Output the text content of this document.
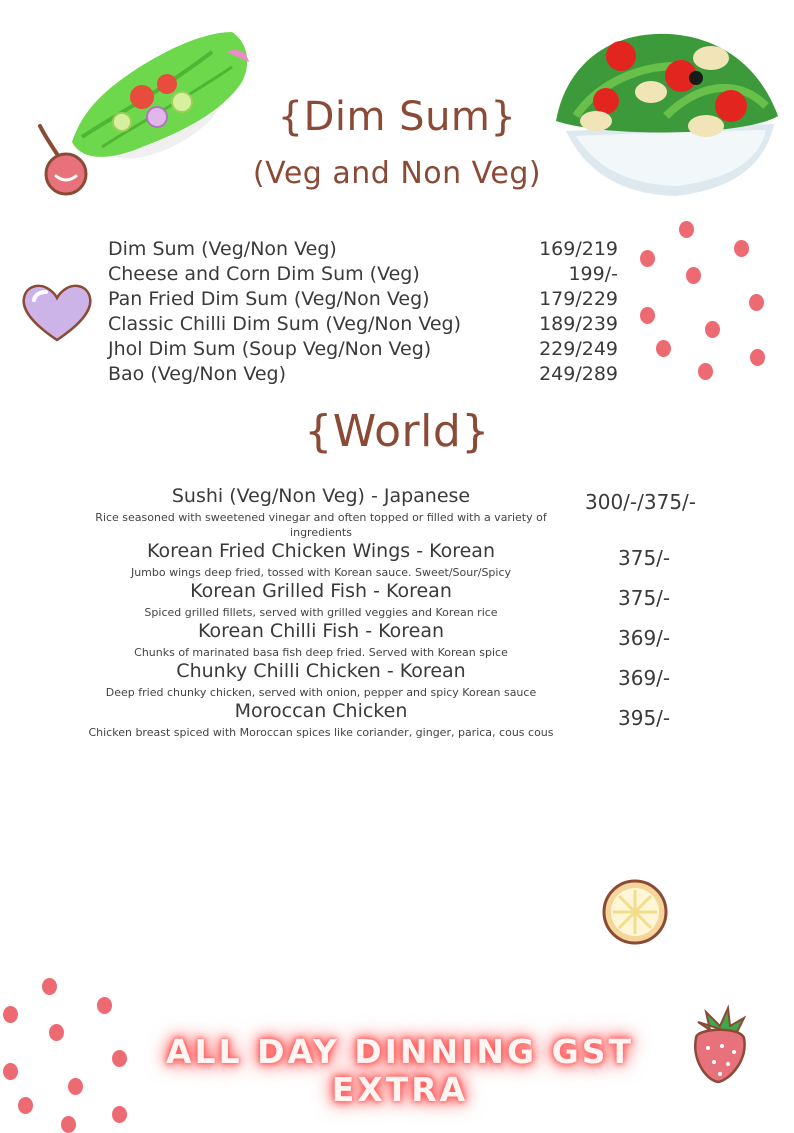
{Dim Sum}
(Veg and Non Veg)
Dim Sum (Veg/Non Veg)	169/219
Cheese and Corn Dim Sum (Veg)	199/-
Pan Fried Dim Sum (Veg/Non Veg)	179/229
Classic Chilli Dim Sum (Veg/Non Veg)	189/239
Jhol Dim Sum (Soup Veg/Non Veg)	229/249
Bao (Veg/Non Veg)	249/289
{World}
Sushi (Veg/Non Veg) - Japanese
Rice seasoned with sweetened vinegar and often topped or filled with a variety of ingredients
300/-/375/-
Korean Fried Chicken Wings - Korean
Jumbo wings deep fried, tossed with Korean sauce. Sweet/Sour/Spicy
375/-
Korean Grilled Fish - Korean
Spiced grilled fillets, served with grilled veggies and Korean rice
375/-
Korean Chilli Fish - Korean
Chunks of marinated basa fish deep fried. Served with Korean spice
369/-
Chunky Chilli Chicken - Korean
Deep fried chunky chicken, served with onion, pepper and spicy Korean sauce
369/-
Moroccan Chicken
Chicken breast spiced with Moroccan spices like coriander, ginger, parica, cous cous
395/-
ALL DAY DINNING GST
EXTRA
